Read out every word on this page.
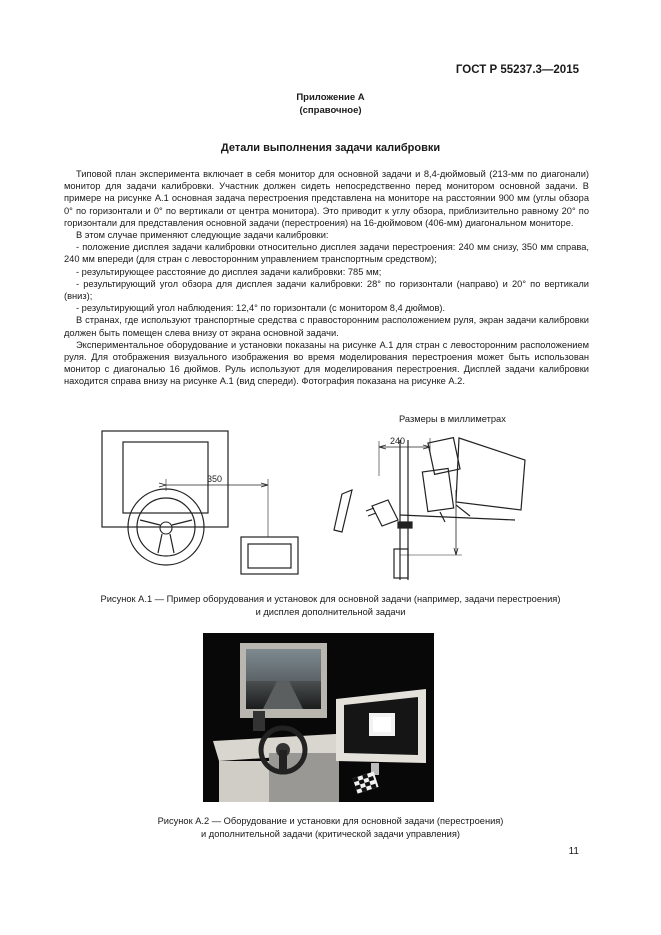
ГОСТ Р 55237.3—2015
Приложение А
(справочное)
Детали выполнения задачи калибровки

Типовой план эксперимента включает в себя монитор для основной задачи и 8,4-дюймовый (213-мм по диагонали) монитор для задачи калибровки. Участник должен сидеть непосредственно перед монитором основной задачи. В примере на рисунке А.1 основная задача перестроения представлена на мониторе на расстоянии 900 мм (углы обзора 0° по горизонтали и 0° по вертикали от центра монитора). Это приводит к углу обзора, приблизительно равному 20° по горизонтали для представления основной задачи (перестроения) на 16-дюймовом (406-мм) диагональном мониторе.

В этом случае применяют следующие задачи калибровки:

- положение дисплея задачи калибровки относительно дисплея задачи перестроения: 240 мм снизу, 350 мм справа, 240 мм впереди (для стран с левосторонним управлением транспортным средством);

- результирующее расстояние до дисплея задачи калибровки: 785 мм;

- результирующий угол обзора для дисплея задачи калибровки: 28° по горизонтали (направо) и 20° по вертикали (вниз);

- результирующий угол наблюдения: 12,4° по горизонтали (с монитором 8,4 дюймов).

В странах, где используют транспортные средства с правосторонним расположением руля, экран задачи калибровки должен быть помещен слева внизу от экрана основной задачи.

Экспериментальное оборудование и установки показаны на рисунке А.1 для стран с левосторонним расположением руля. Для отображения визуального изображения во время моделирования перестроения может быть использован монитор с диагональю 16 дюймов. Руль используют для моделирования перестроения. Дисплей задачи калибровки находится справа внизу на рисунке А.1 (вид спереди). Фотография показана на рисунке А.2.

Размеры в миллиметрах
350
240
Рисунок А.1 — Пример оборудования и установок для основной задачи (например, задачи перестроения)
и дисплея дополнительной задачи
Рисунок А.2 — Оборудование и установки для основной задачи (перестроения)
и дополнительной задачи (критической задачи управления)
11
